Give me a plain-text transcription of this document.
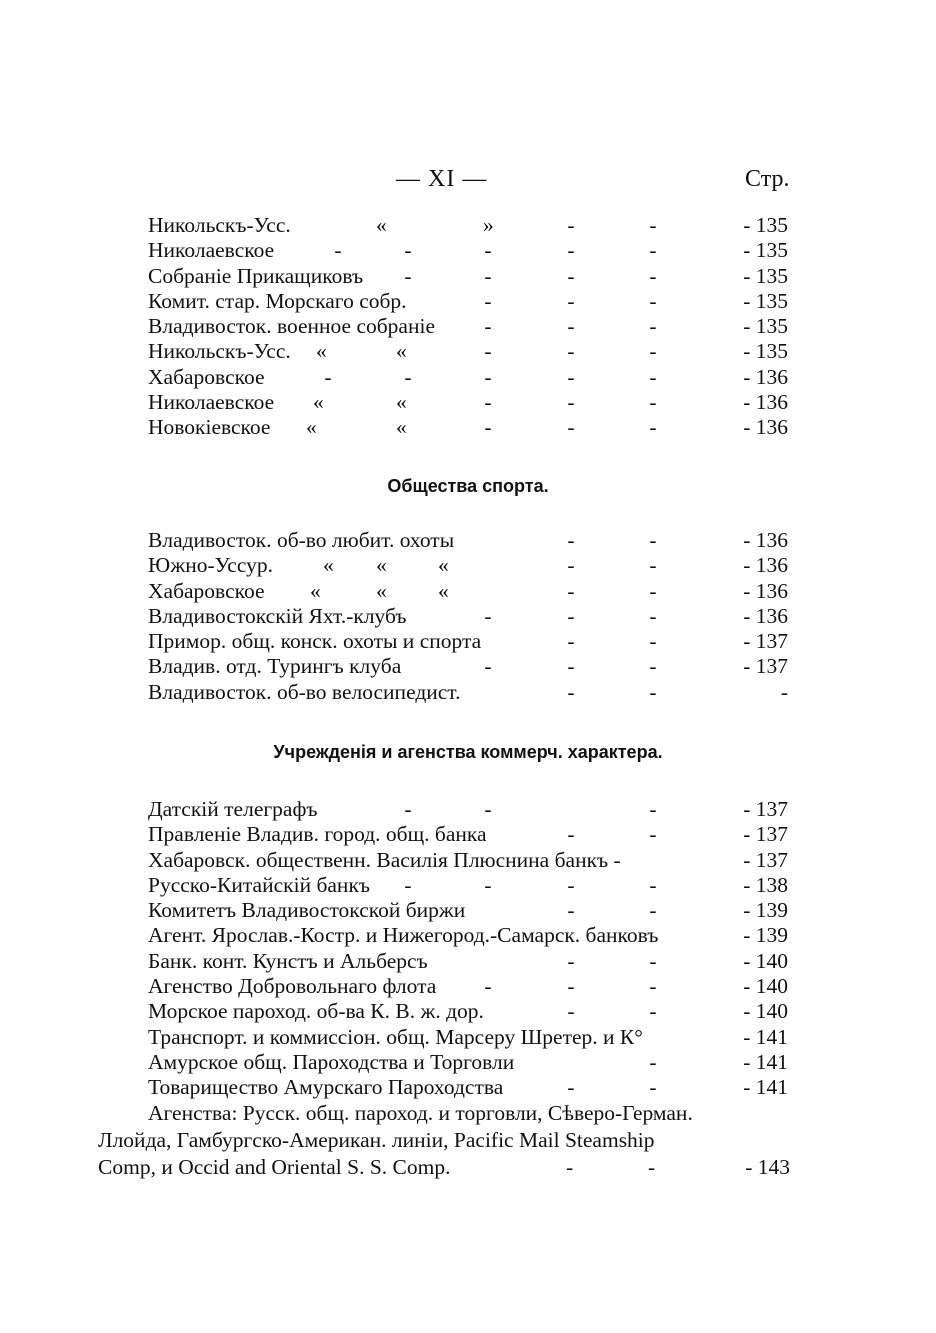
— XI —	Стр.
Никольскъ-Усс.	«	»	-	-	- 135
Николаевское	-	-	-	-	-	- 135
Собраніе Прикащиковъ -	-	-	-	- 135
Комит. стар. Морскаго собр.	-	-	-	- 135
Владивосток. военное собраніе -	-	-	- 135
Никольскъ-Усс. «	«	-	-	-	- 135
Хабаровское	-	-	-	-	-	- 136
Николаевское «	«	-	-	-	- 136
Новокіевское «	«	-	-	-	- 136
Общества спорта.
Владивосток. об-во любит. охоты	-	-	- 136
Южно-Уссур. « « «	-	-	- 136
Хабаровское «	« «	-	-	- 136
Владивостокскій Яхт.-клубъ	-	-	-	- 136
Примор. общ. конск. охоты и спорта	-	-	- 137
Владив. отд. Турингъ клуба	-	-	-	- 137
Владивосток. об-во велосипедист.	-	-	-
Учрежденія и агенства коммерч. характера.
Датскій телеграфъ	-	-	-	- 137
Правленіе Владив. город. общ. банка	-	-	- 137
Хабаровск. общественн. Василія Плюснина банкъ -	- 137
Русско-Китайскій банкъ -	-	-	-	- 138
Комитетъ Владивостокской биржи	-	-	- 139
Агент. Ярослав.-Костр. и Нижегород.-Самарск. банковъ	- 139
Банк. конт. Кунстъ и Альберсъ	-	-	- 140
Агенство Добровольнаго флота -	-	-	- 140
Морское пароход. об-ва К. В. ж. дор.	-	-	- 140
Транспорт. и коммиссіон. общ. Марсеру Шретер. и К°	- 141
Амурское общ. Пароходства и Торговли	-	- 141
Товарищество Амурскаго Пароходства	-	-	- 141
Агенства: Русск. общ. пароход. и торговли, Сѣверо-Герман.
Ллойда, Гамбургско-Американ. линіи, Pacific Mail Steamship
Comp, и Occid and Oriental S. S. Comp.	-	-	- 143
